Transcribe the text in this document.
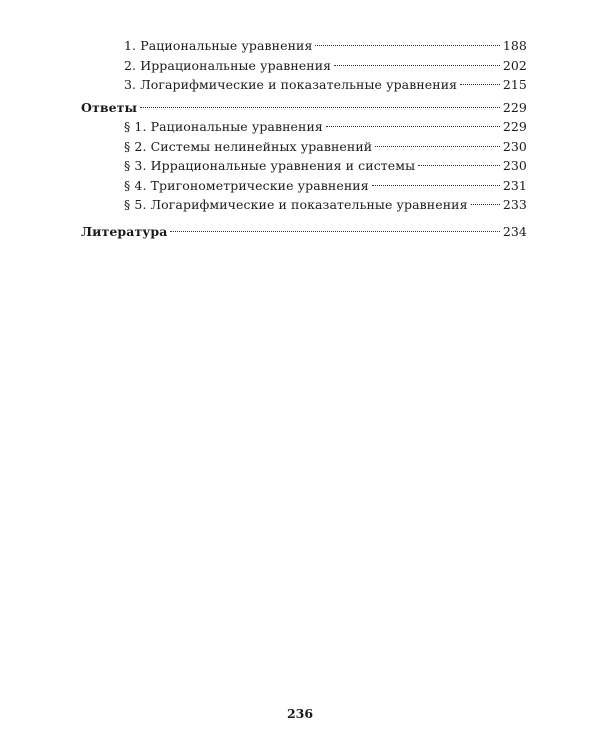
1. Рациональные уравнения	188
2. Иррациональные уравнения	202
3. Логарифмические и показательные уравнения	215
Ответы	229
§ 1. Рациональные уравнения	229
§ 2. Системы нелинейных уравнений	230
§ 3. Иррациональные уравнения и системы	230
§ 4. Тригонометрические уравнения	231
§ 5. Логарифмические и показательные уравнения	233
Литература	234
236
